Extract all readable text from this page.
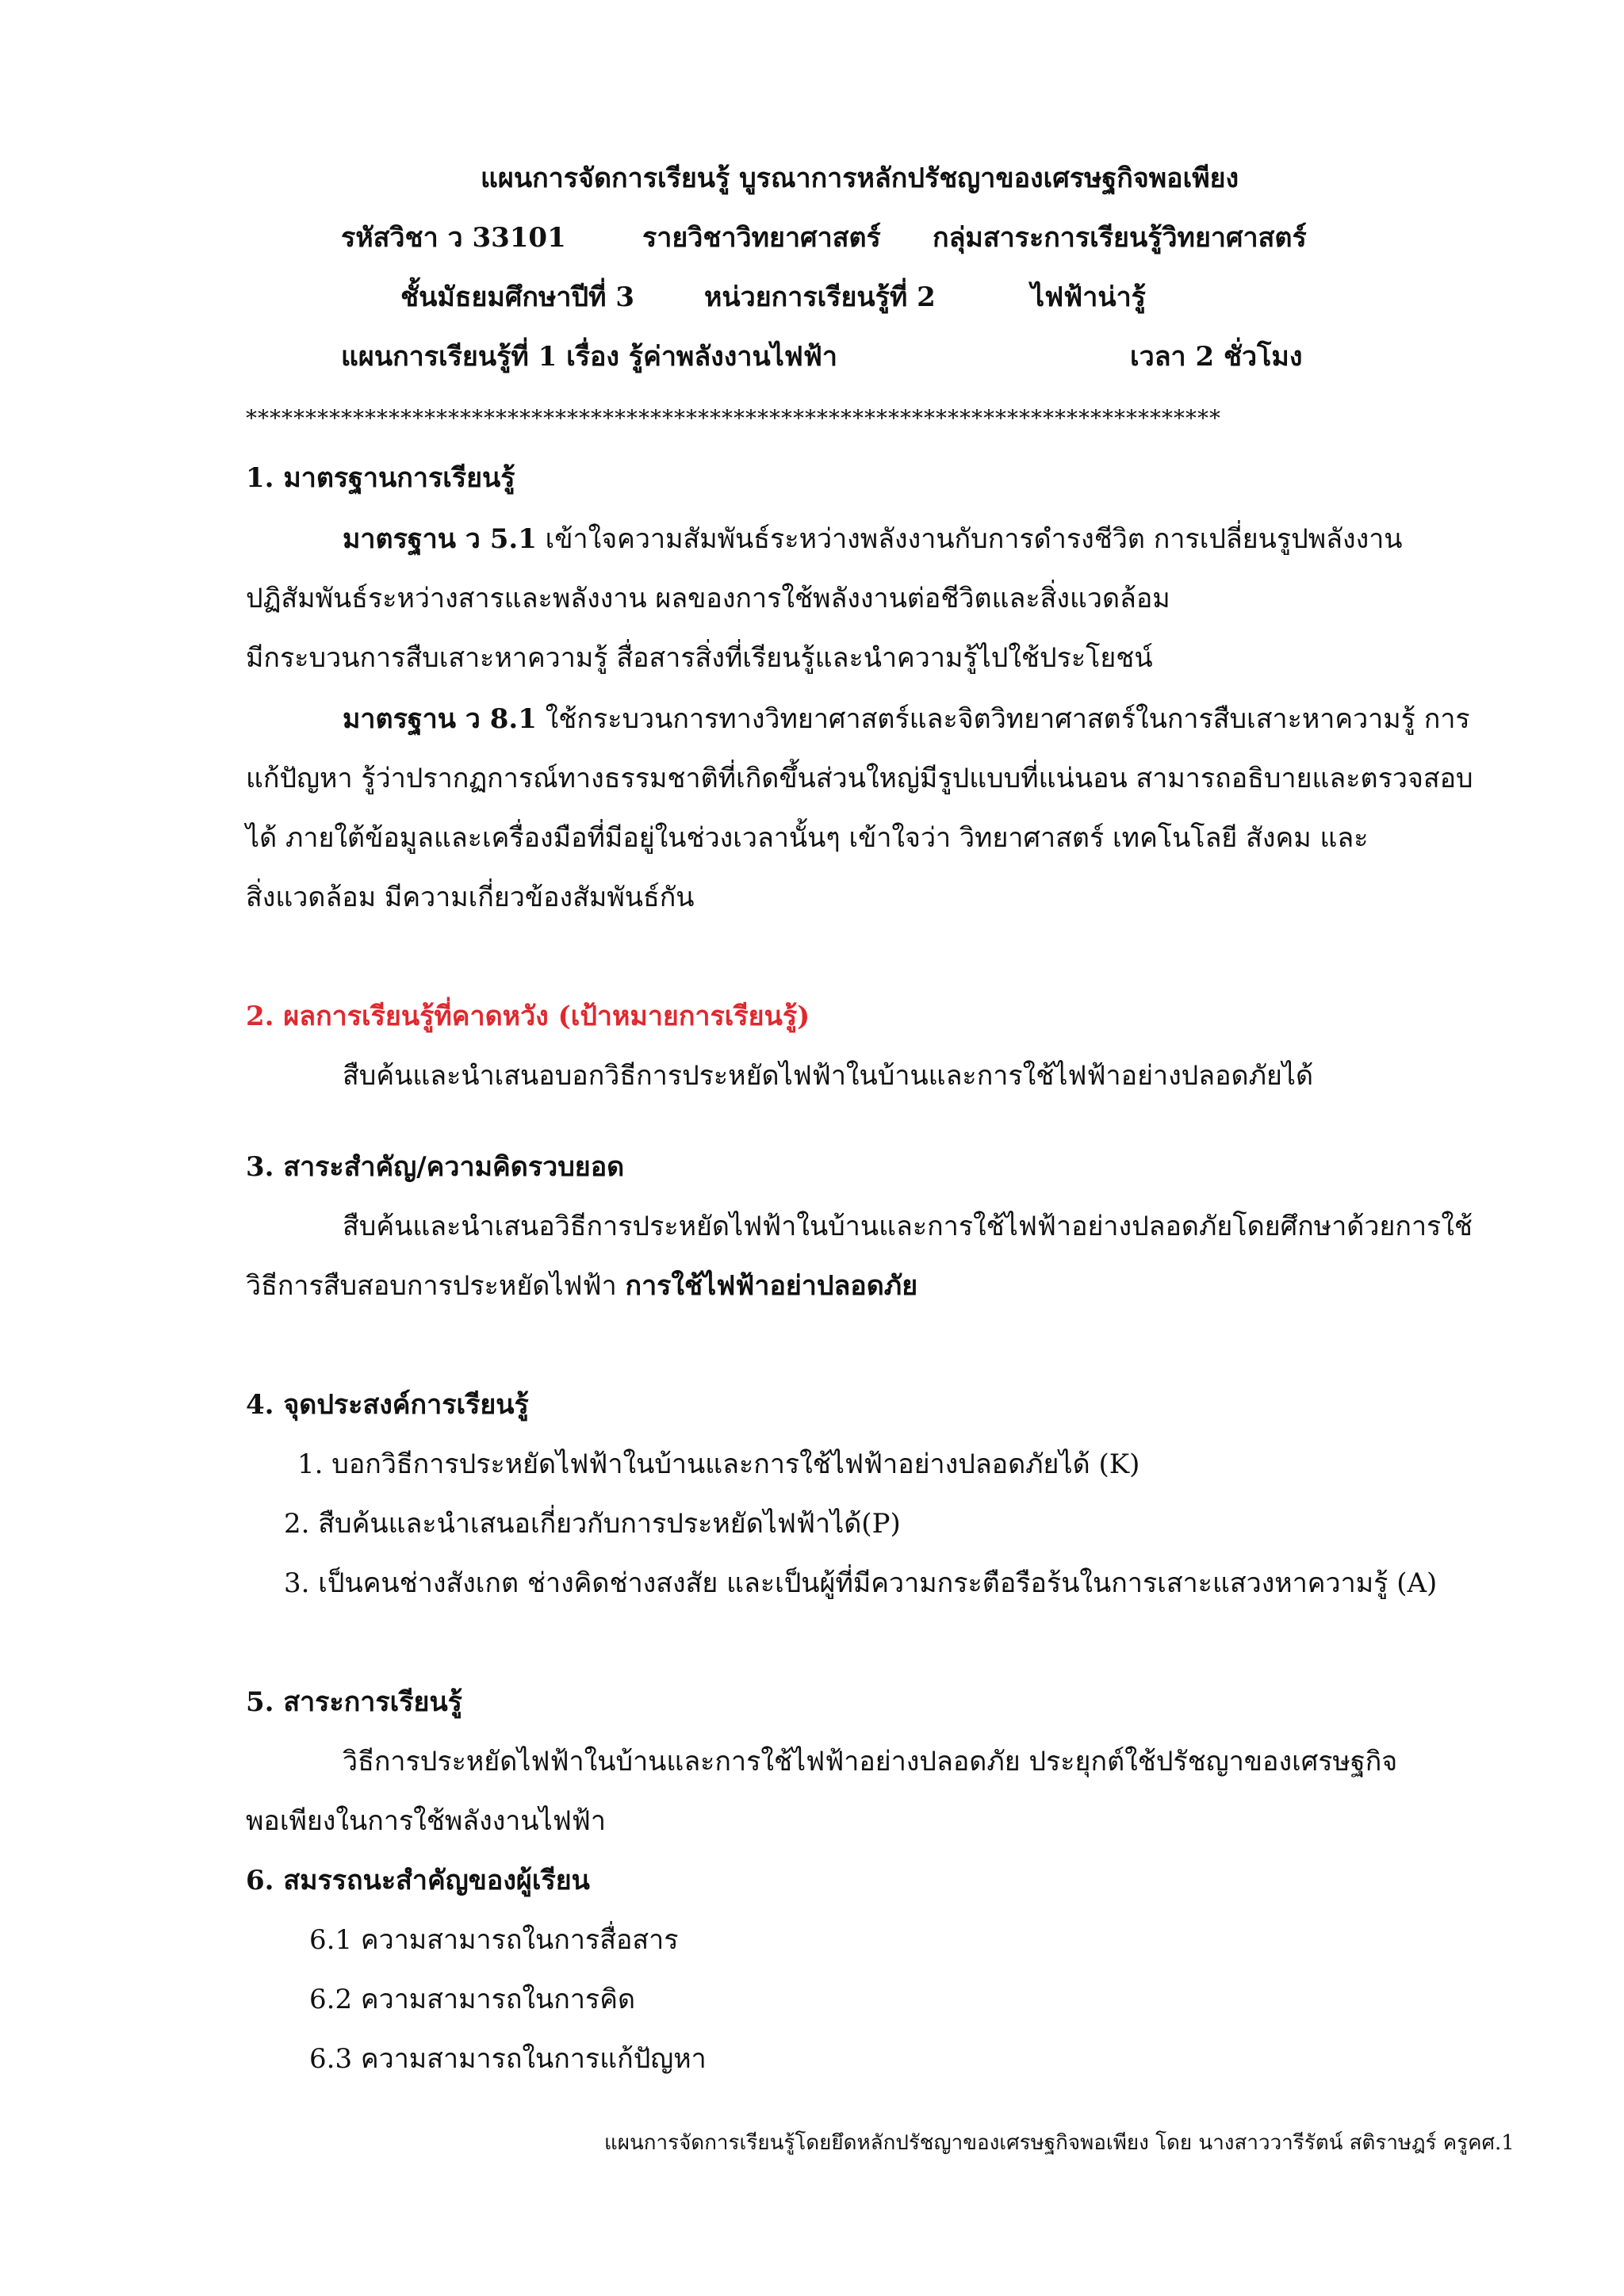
แผนการจัดการเรียนรู้ บูรณาการหลักปรัชญาของเศรษฐกิจพอเพียง
รหัสวิชา ว 33101	รายวิชาวิทยาศาสตร์ กลุ่มสาระการเรียนรู้วิทยาศาสตร์
ชั้นมัธยมศึกษาปีที่ 3	หน่วยการเรียนรู้ที่ 2	ไฟฟ้าน่ารู้
แผนการเรียนรู้ที่ 1 เรื่อง รู้ค่าพลังงานไฟฟ้า	เวลา 2 ชั่วโมง
**********************************************************************************
1. มาตรฐานการเรียนรู้
มาตรฐาน ว 5.1 เข้าใจความสัมพันธ์ระหว่างพลังงานกับการดำรงชีวิต การเปลี่ยนรูปพลังงาน
ปฏิสัมพันธ์ระหว่างสารและพลังงาน ผลของการใช้พลังงานต่อชีวิตและสิ่งแวดล้อม
มีกระบวนการสืบเสาะหาความรู้ สื่อสารสิ่งที่เรียนรู้และนำความรู้ไปใช้ประโยชน์
มาตรฐาน ว 8.1 ใช้กระบวนการทางวิทยาศาสตร์และจิตวิทยาศาสตร์ในการสืบเสาะหาความรู้ การ
แก้ปัญหา รู้ว่าปรากฏการณ์ทางธรรมชาติที่เกิดขึ้นส่วนใหญ่มีรูปแบบที่แน่นอน สามารถอธิบายและตรวจสอบ
ได้ ภายใต้ข้อมูลและเครื่องมือที่มีอยู่ในช่วงเวลานั้นๆ เข้าใจว่า วิทยาศาสตร์ เทคโนโลยี สังคม และ
สิ่งแวดล้อม มีความเกี่ยวข้องสัมพันธ์กัน
2. ผลการเรียนรู้ที่คาดหวัง (เป้าหมายการเรียนรู้)
สืบค้นและนำเสนอบอกวิธีการประหยัดไฟฟ้าในบ้านและการใช้ไฟฟ้าอย่างปลอดภัยได้
3. สาระสำคัญ/ความคิดรวบยอด
สืบค้นและนำเสนอวิธีการประหยัดไฟฟ้าในบ้านและการใช้ไฟฟ้าอย่างปลอดภัยโดยศึกษาด้วยการใช้
วิธีการสืบสอบการประหยัดไฟฟ้า การใช้ไฟฟ้าอย่าปลอดภัย
4. จุดประสงค์การเรียนรู้
1. บอกวิธีการประหยัดไฟฟ้าในบ้านและการใช้ไฟฟ้าอย่างปลอดภัยได้ (K)
2. สืบค้นและนำเสนอเกี่ยวกับการประหยัดไฟฟ้าได้(P)
3. เป็นคนช่างสังเกต ช่างคิดช่างสงสัย และเป็นผู้ที่มีความกระตือรือร้นในการเสาะแสวงหาความรู้ (A)
5. สาระการเรียนรู้
วิธีการประหยัดไฟฟ้าในบ้านและการใช้ไฟฟ้าอย่างปลอดภัย ประยุกต์ใช้ปรัชญาของเศรษฐกิจ
พอเพียงในการใช้พลังงานไฟฟ้า
6. สมรรถนะสำคัญของผู้เรียน
6.1 ความสามารถในการสื่อสาร
6.2 ความสามารถในการคิด
6.3 ความสามารถในการแก้ปัญหา
แผนการจัดการเรียนรู้โดยยึดหลักปรัชญาของเศรษฐกิจพอเพียง โดย นางสาววารีรัตน์ สติราษฎร์ ครูคศ.1
